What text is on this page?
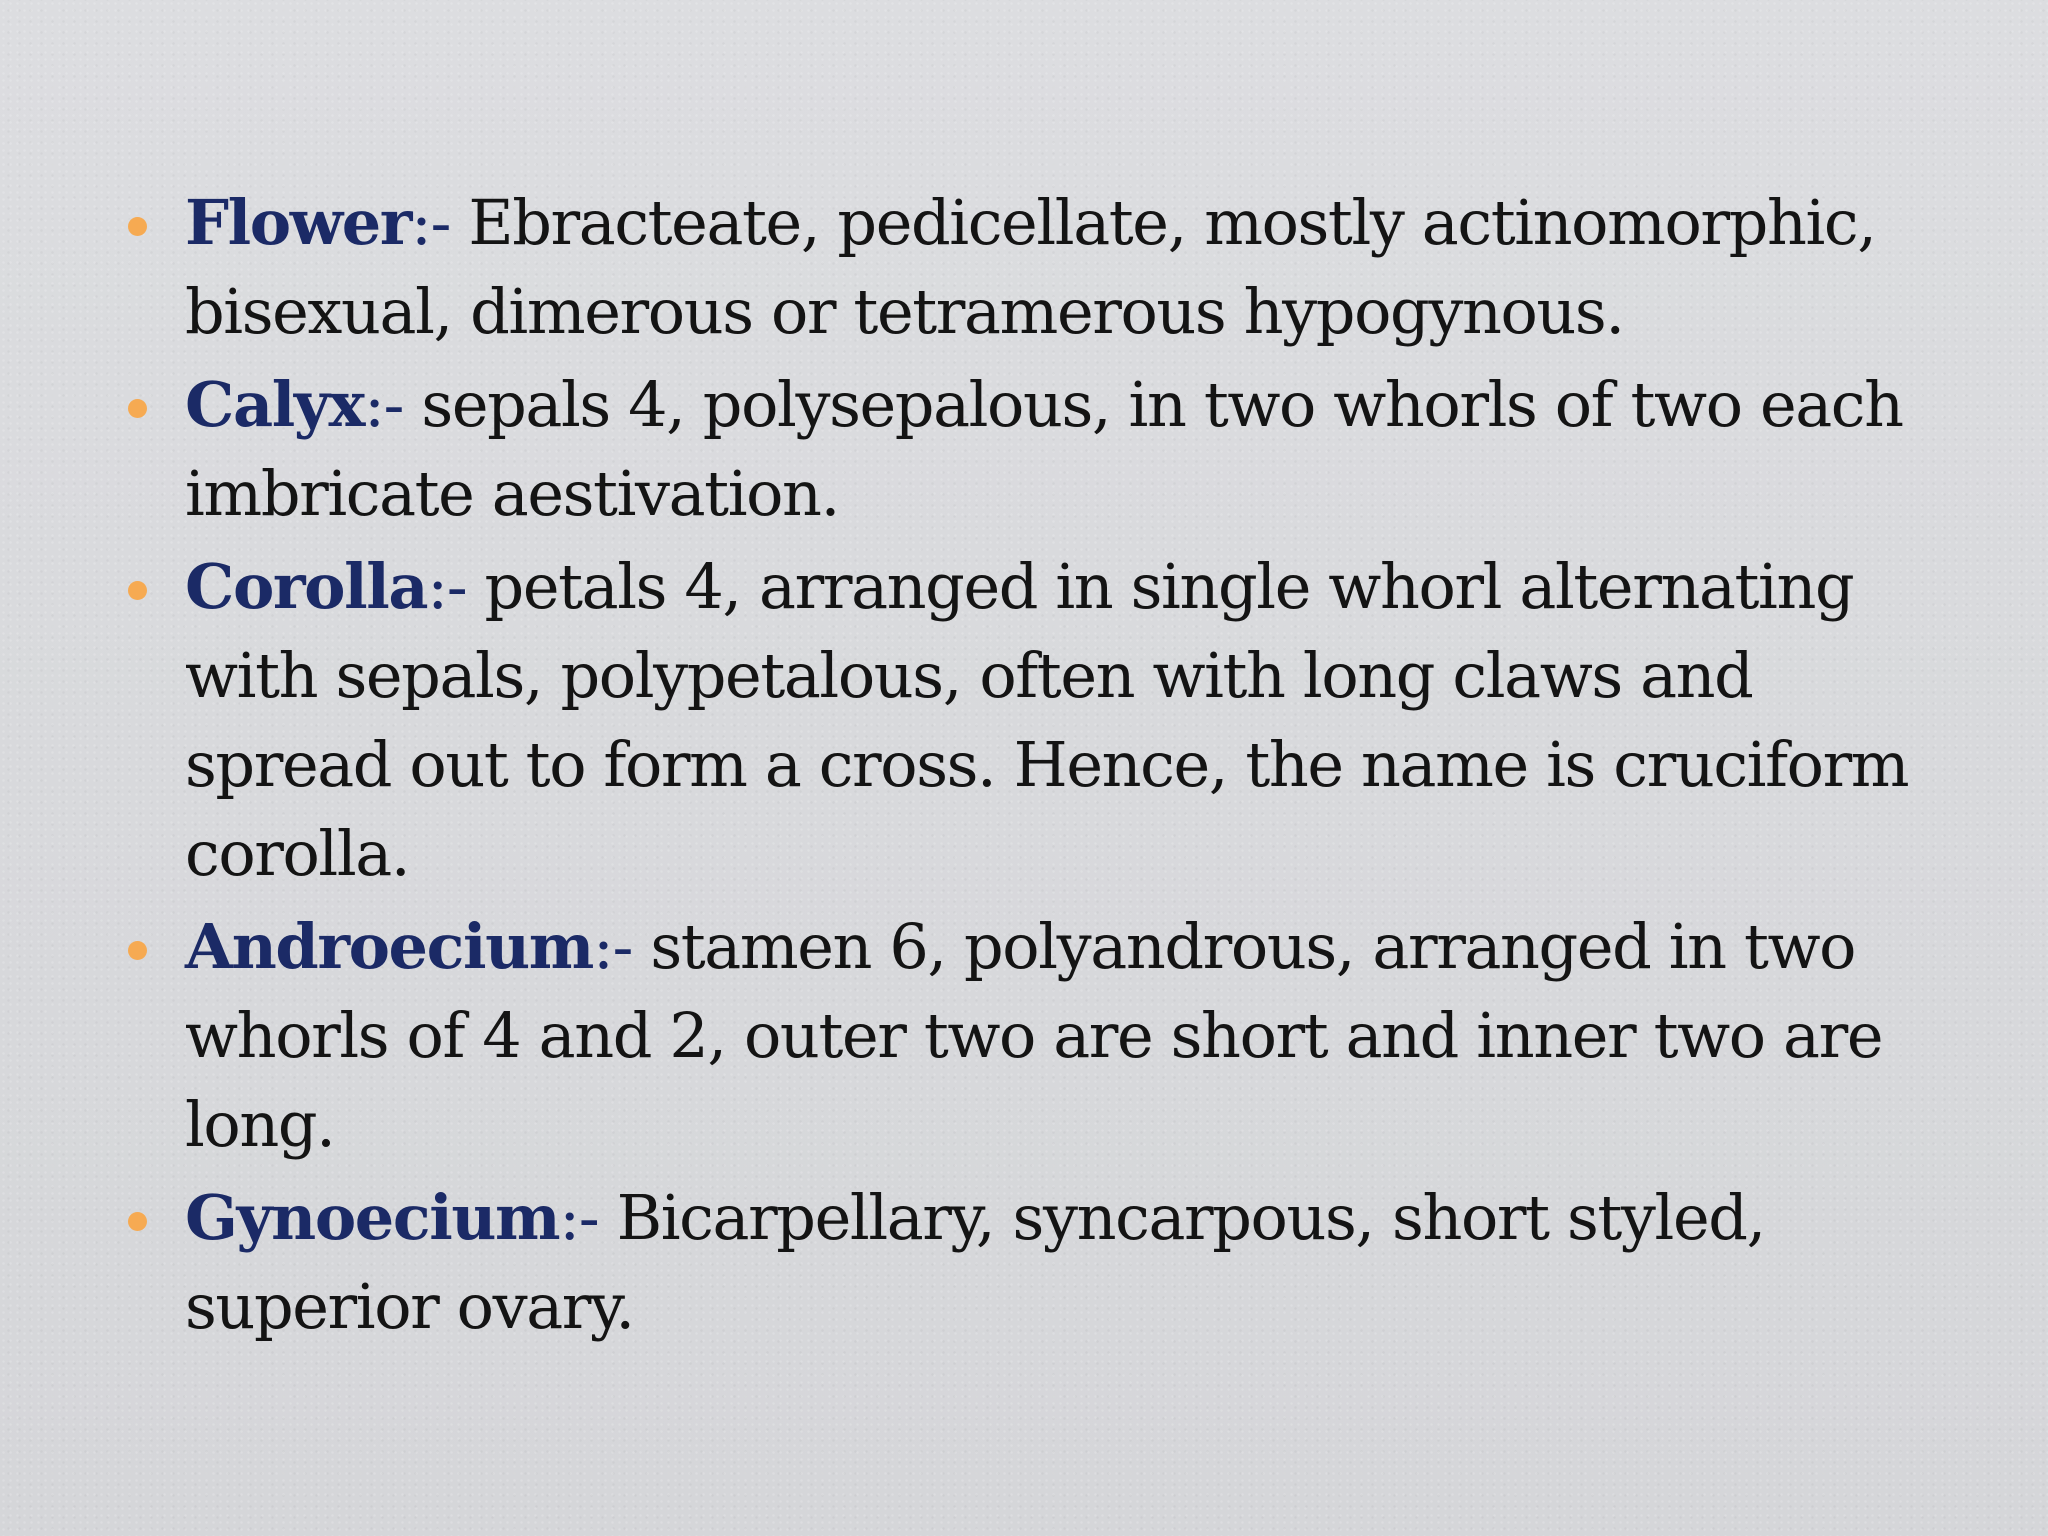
Flower:- Ebracteate, pedicellate, mostly actinomorphic, bisexual, dimerous or tetramerous hypogynous.
Calyx:- sepals 4, polysepalous, in two whorls of two each imbricate aestivation.
Corolla:- petals 4, arranged in single whorl alternating with sepals, polypetalous, often with long claws and spread out to form a cross. Hence, the name is cruciform corolla.
Androecium:- stamen 6, polyandrous, arranged in two whorls of 4 and 2, outer two are short and inner two are long.
Gynoecium:- Bicarpellary, syncarpous, short styled, superior ovary.
